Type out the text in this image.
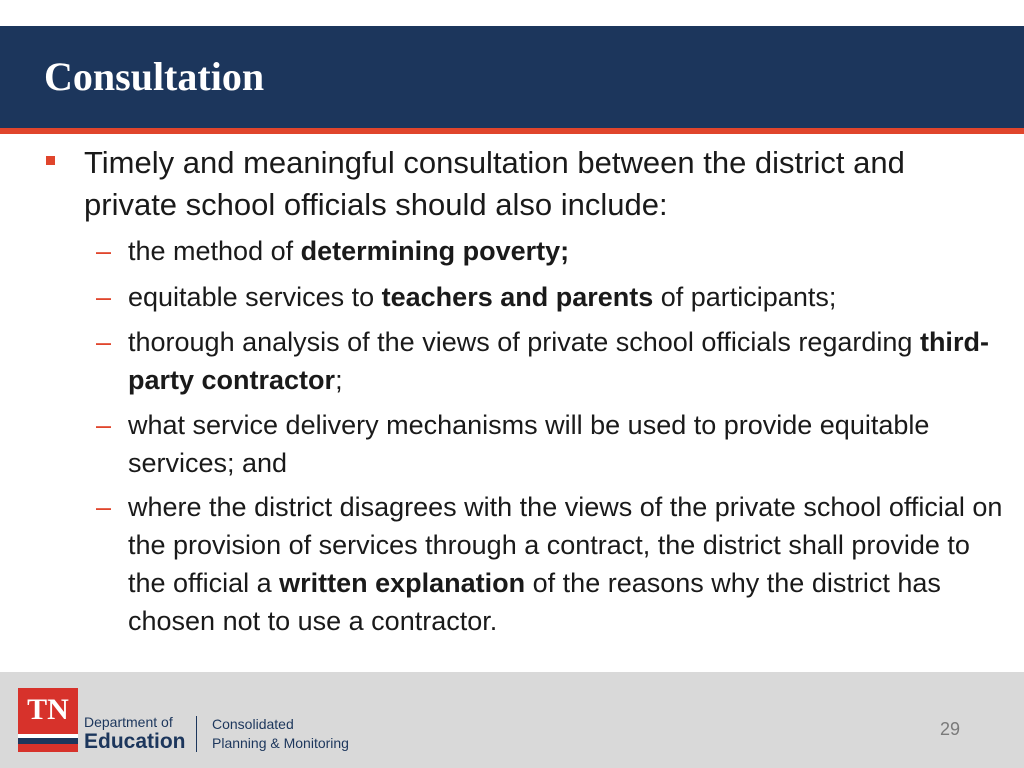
Consultation
Timely and meaningful consultation between the district and private school officials should also include:
– the method of determining poverty;
– equitable services to teachers and parents of participants;
– thorough analysis of the views of private school officials regarding third-party contractor;
– what service delivery mechanisms will be used to provide equitable services; and
– where the district disagrees with the views of the private school official on the provision of services through a contract, the district shall provide to the official a written explanation of the reasons why the district has chosen not to use a contractor.
TN	Department of
Education
Consolidated
Planning & Monitoring
29
